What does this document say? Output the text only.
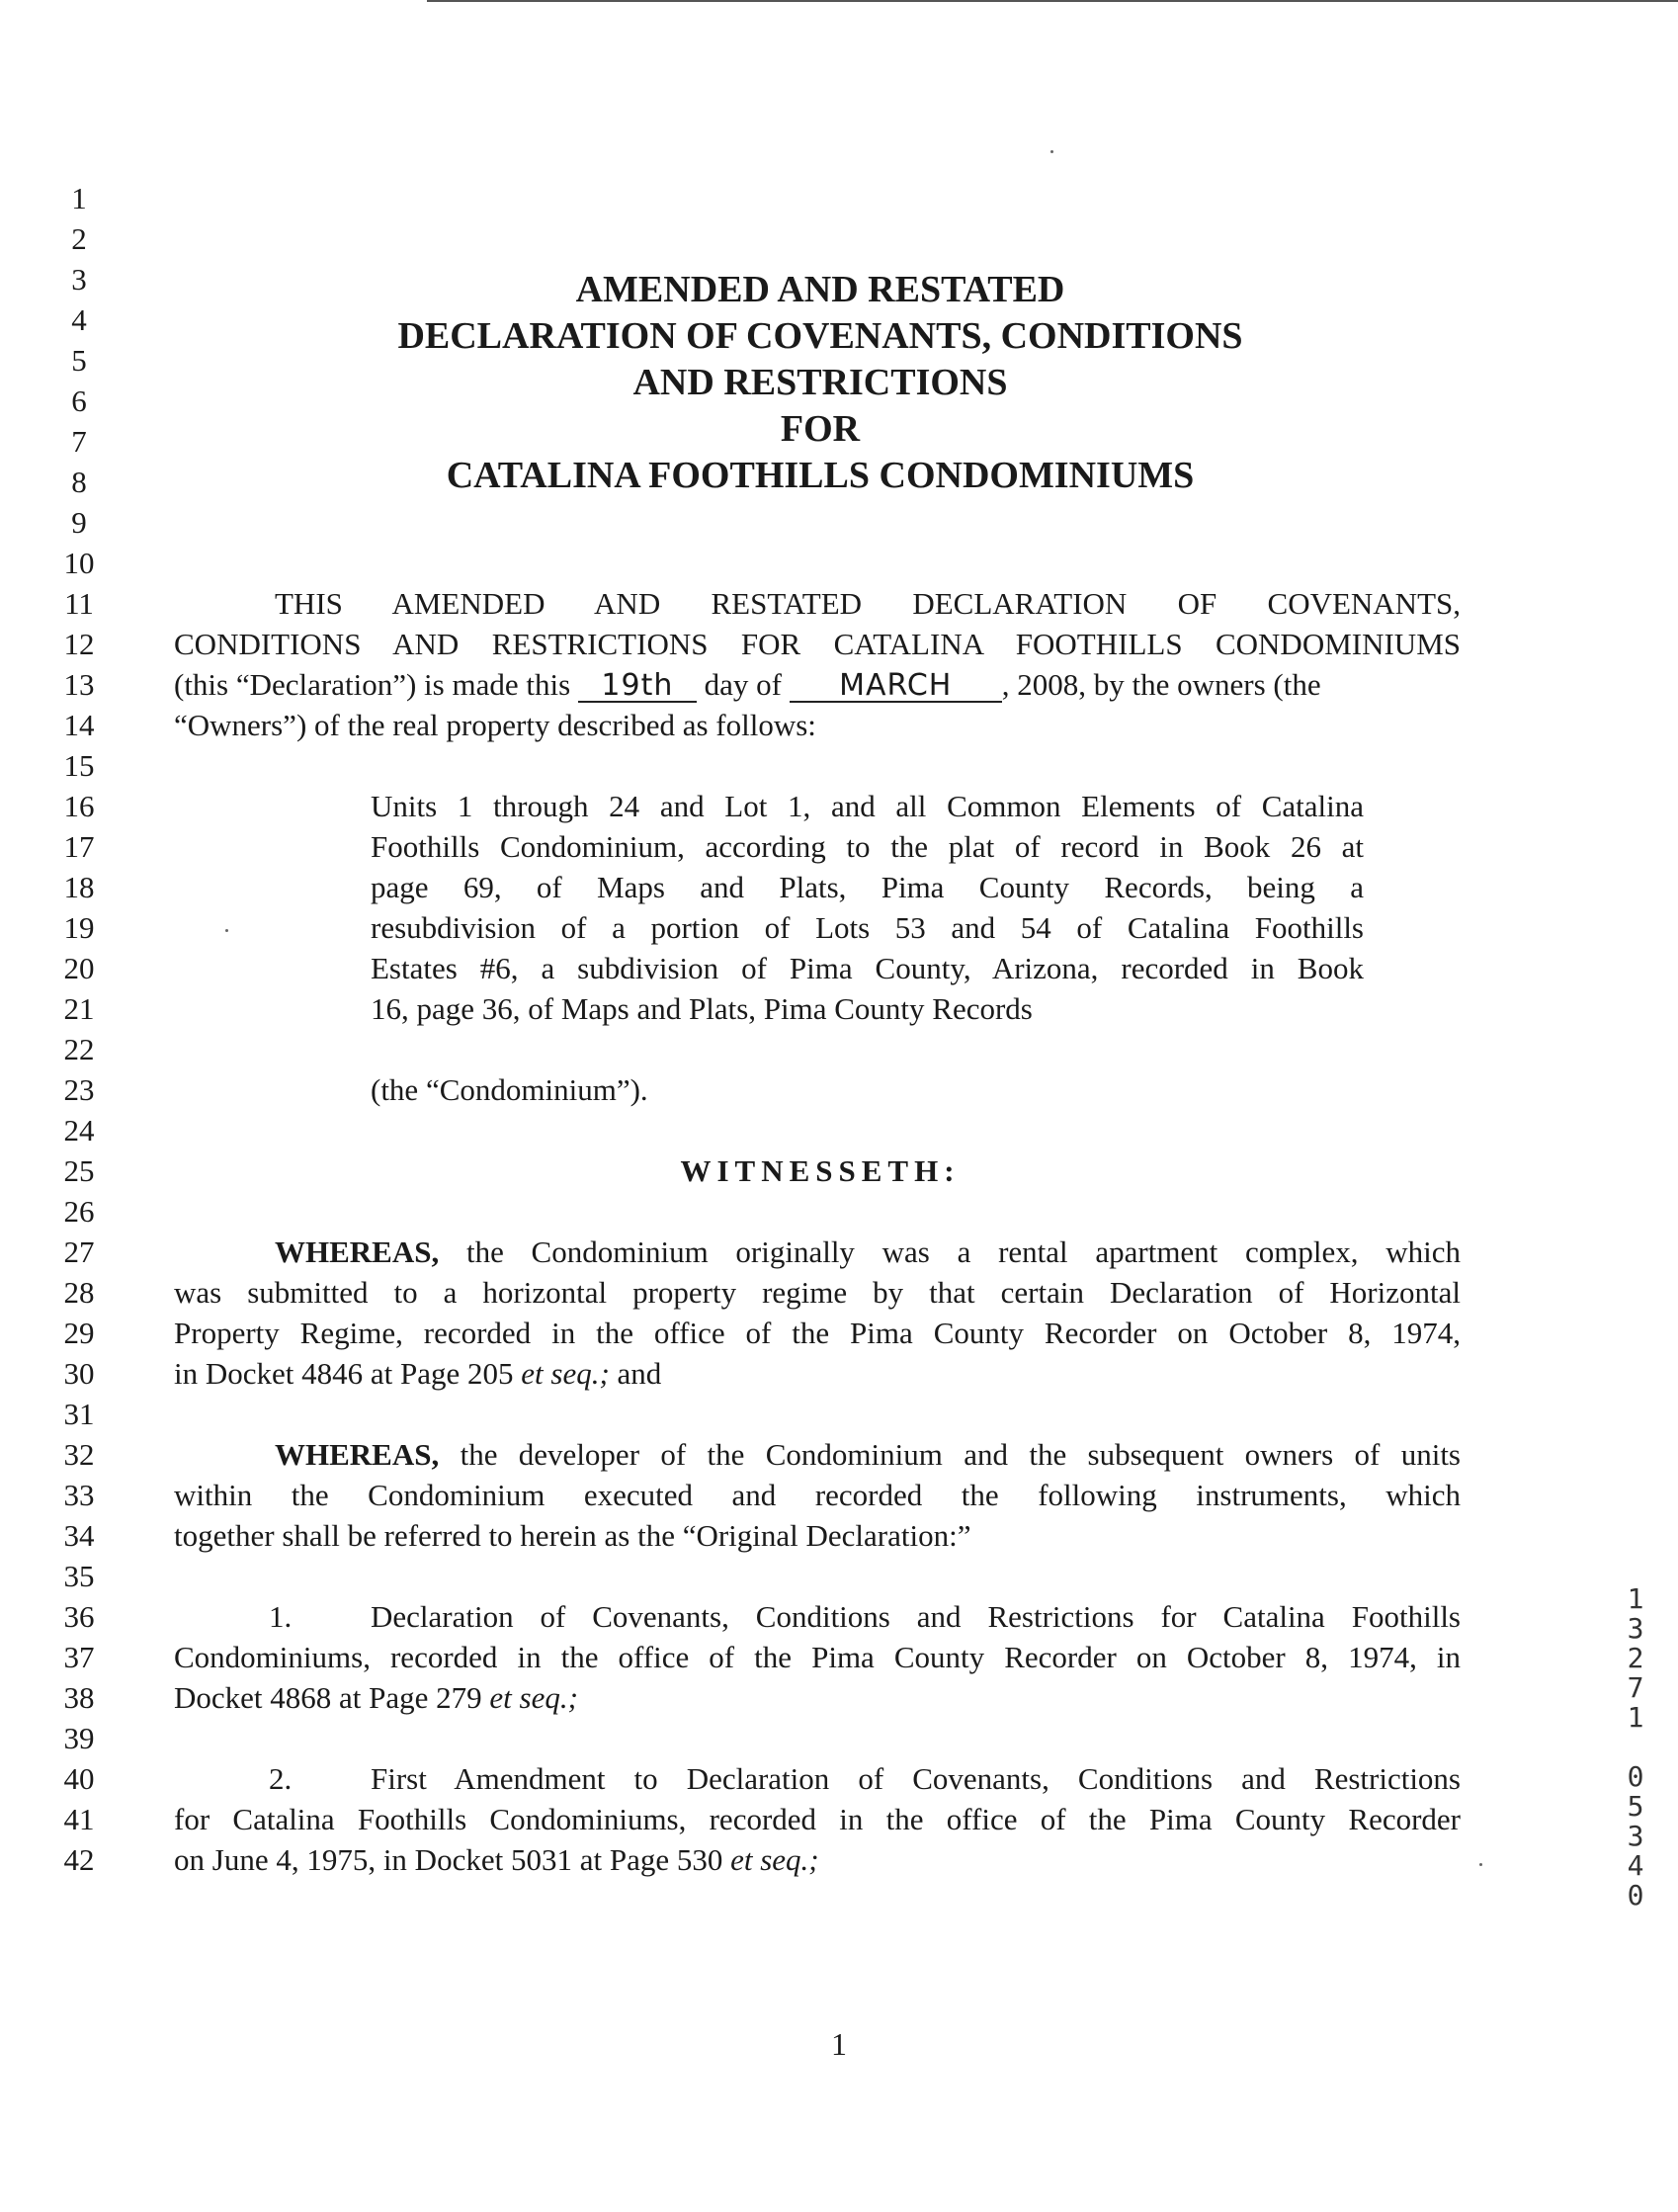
1
2
3
4
5
6
7
8
9
10
11
12
13
14
15
16
17
18
19
20
21
22
23
24
25
26
27
28
29
30
31
32
33
34
35
36
37
38
39
40
41
42
AMENDED AND RESTATED
DECLARATION OF COVENANTS, CONDITIONS
AND RESTRICTIONS
FOR
CATALINA FOOTHILLS CONDOMINIUMS
THIS AMENDED AND RESTATED DECLARATION OF COVENANTS,
CONDITIONS AND RESTRICTIONS FOR CATALINA FOOTHILLS CONDOMINIUMS
(this “Declaration”) is made this 19th day of MARCH , 2008, by the owners (the
“Owners”) of the real property described as follows:
Units 1 through 24 and Lot 1, and all Common Elements of Catalina
Foothills Condominium, according to the plat of record in Book 26 at
page 69, of Maps and Plats, Pima County Records, being a
resubdivision of a portion of Lots 53 and 54 of Catalina Foothills
Estates #6, a subdivision of Pima County, Arizona, recorded in Book
16, page 36, of Maps and Plats, Pima County Records
(the “Condominium”).
WITNESSETH:
WHEREAS, the Condominium originally was a rental apartment complex, which
was submitted to a horizontal property regime by that certain Declaration of Horizontal
Property Regime, recorded in the office of the Pima County Recorder on October 8, 1974,
in Docket 4846 at Page 205 et seq.; and
WHEREAS, the developer of the Condominium and the subsequent owners of units
within the Condominium executed and recorded the following instruments, which
together shall be referred to herein as the “Original Declaration:”
1.	Declaration of Covenants, Conditions and Restrictions for Catalina Foothills
Condominiums, recorded in the office of the Pima County Recorder on October 8, 1974, in
Docket 4868 at Page 279 et seq.;
2.	First Amendment to Declaration of Covenants, Conditions and Restrictions
for Catalina Foothills Condominiums, recorded in the office of the Pima County Recorder
on June 4, 1975, in Docket 5031 at Page 530 et seq.;
1
3
2
7
1

0
5
3
4
0
1
